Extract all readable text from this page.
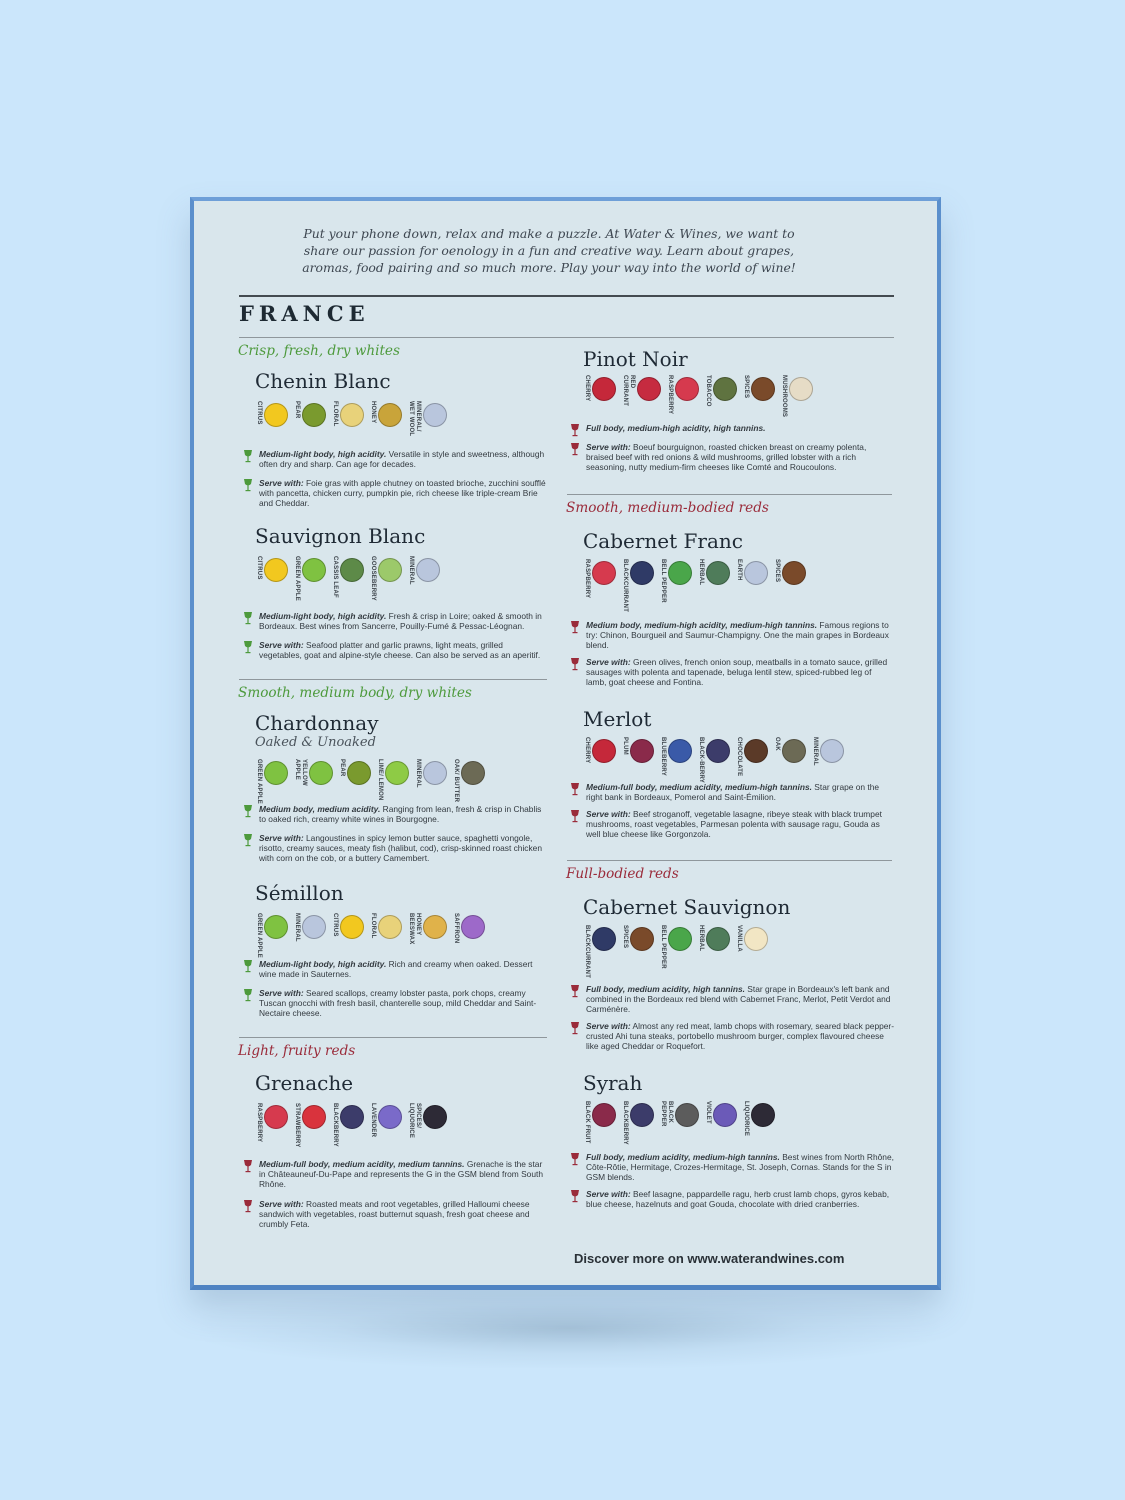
Put your phone down, relax and make a puzzle. At Water & Wines, we want to share our passion for oenology in a fun and creative way. Learn about grapes, aromas, food pairing and so much more. Play your way into the world of wine!
FRANCE
Crisp, fresh, dry whites
Chenin Blanc
CITRUS	PEAR	FLORAL	HONEY	MINERAL/ WET WOOL
Medium-light body, high acidity. Versatile in style and sweetness, although often dry and sharp. Can age for decades.
Serve with: Foie gras with apple chutney on toasted brioche, zucchini soufflé with pancetta, chicken curry, pumpkin pie, rich cheese like triple-cream Brie and Cheddar.
Sauvignon Blanc
CITRUS	GREEN APPLE	CASSIS LEAF	GOOSEBERRY	MINERAL
Medium-light body, high acidity. Fresh & crisp in Loire; oaked & smooth in Bordeaux. Best wines from Sancerre, Pouilly-Fumé & Pessac-Léognan.
Serve with: Seafood platter and garlic prawns, light meats, grilled vegetables, goat and alpine-style cheese. Can also be served as an aperitif.
Smooth, medium body, dry whites
Chardonnay
Oaked & Unoaked
GREEN APPLE	YELLOW APPLE	PEAR	LIME/ LEMON	MINERAL	OAK/ BUTTER
Medium body, medium acidity. Ranging from lean, fresh & crisp in Chablis to oaked rich, creamy white wines in Bourgogne.
Serve with: Langoustines in spicy lemon butter sauce, spaghetti vongole, risotto, creamy sauces, meaty fish (halibut, cod), crisp-skinned roast chicken with corn on the cob, or a buttery Camembert.
Sémillon
GREEN APPLE	MINERAL	CITRUS	FLORAL	HONEY BEESWAX	SAFFRON
Medium-light body, high acidity. Rich and creamy when oaked. Dessert wine made in Sauternes.
Serve with: Seared scallops, creamy lobster pasta, pork chops, creamy Tuscan gnocchi with fresh basil, chanterelle soup, mild Cheddar and Saint-Nectaire cheese.
Light, fruity reds
Grenache
RASPBERRY	STRAWBERRY	BLACKBERRY	LAVENDER	SPICES/ LIQUORICE
Medium-full body, medium acidity, medium tannins. Grenache is the star in Châteauneuf-Du-Pape and represents the G in the GSM blend from South Rhône.
Serve with: Roasted meats and root vegetables, grilled Halloumi cheese sandwich with vegetables, roast butternut squash, fresh goat cheese and crumbly Feta.
Pinot Noir
CHERRY	RED CURRANT	RASPBERRY	TOBACCO	SPICES	MUSHROOMS
Full body, medium-high acidity, high tannins.
Serve with: Boeuf bourguignon, roasted chicken breast on creamy polenta, braised beef with red onions & wild mushrooms, grilled lobster with a rich seasoning, nutty medium-firm cheeses like Comté and Roucoulons.
Smooth, medium-bodied reds
Cabernet Franc
RASPBERRY	BLACKCURRANT	BELL PEPPER	HERBAL	EARTH	SPICES
Medium body, medium-high acidity, medium-high tannins. Famous regions to try: Chinon, Bourgueil and Saumur-Champigny. One the main grapes in Bordeaux blend.
Serve with: Green olives, french onion soup, meatballs in a tomato sauce, grilled sausages with polenta and tapenade, beluga lentil stew, spiced-rubbed leg of lamb, goat cheese and Fontina.
Merlot
CHERRY	PLUM	BLUEBERRY	BLACK-BERRY	CHOCOLATE	OAK	MINERAL
Medium-full body, medium acidity, medium-high tannins. Star grape on the right bank in Bordeaux, Pomerol and Saint-Émilion.
Serve with: Beef stroganoff, vegetable lasagne, ribeye steak with black trumpet mushrooms, roast vegetables, Parmesan polenta with sausage ragu, Gouda as well blue cheese like Gorgonzola.
Full-bodied reds
Cabernet Sauvignon
BLACKCURRANT	SPICES	BELL PEPPER	HERBAL	VANILLA
Full body, medium acidity, high tannins. Star grape in Bordeaux's left bank and combined in the Bordeaux red blend with Cabernet Franc, Merlot, Petit Verdot and Carménère.
Serve with: Almost any red meat, lamb chops with rosemary, seared black pepper-crusted Ahi tuna steaks, portobello mushroom burger, complex flavoured cheese like aged Cheddar or Roquefort.
Syrah
BLACK FRUIT	BLACKBERRY	BLACK PEPPER	VIOLET	LIQUORICE
Full body, medium acidity, medium-high tannins. Best wines from North Rhône, Côte-Rôtie, Hermitage, Crozes-Hermitage, St. Joseph, Cornas. Stands for the S in GSM blends.
Serve with: Beef lasagne, pappardelle ragu, herb crust lamb chops, gyros kebab, blue cheese, hazelnuts and goat Gouda, chocolate with dried cranberries.
Discover more on www.waterandwines.com
